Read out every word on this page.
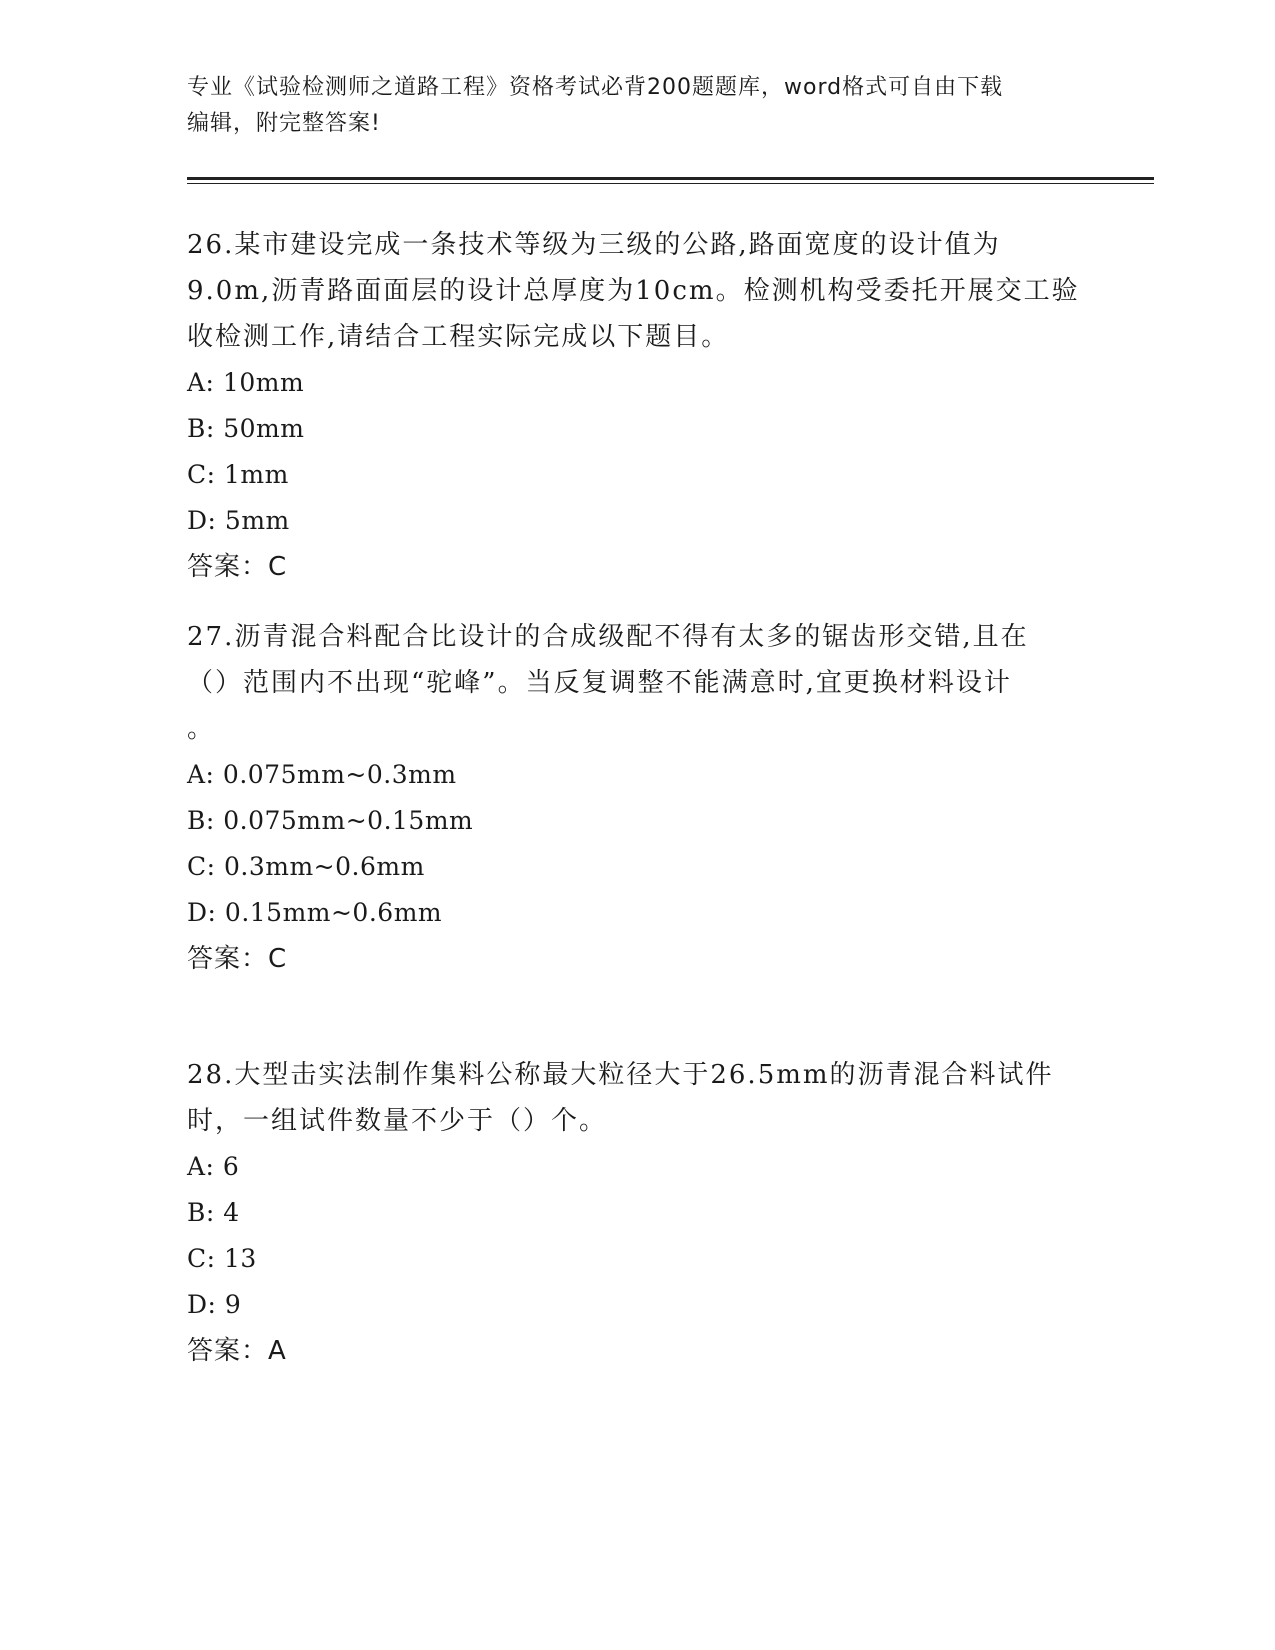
专业《试验检测师之道路工程》资格考试必背200题题库，word格式可自由下载
编辑，附完整答案!

26.某市建设完成一条技术等级为三级的公路,路面宽度的设计值为

9.0m,沥青路面面层的设计总厚度为10cm。检测机构受委托开展交工验

收检测工作,请结合工程实际完成以下题目。

A: 10mm

B: 50mm

C: 1mm

D: 5mm

答案：C

27.沥青混合料配合比设计的合成级配不得有太多的锯齿形交错,且在

（）范围内不出现“驼峰”。当反复调整不能满意时,宜更换材料设计

。

A: 0.075mm~0.3mm

B: 0.075mm~0.15mm

C: 0.3mm~0.6mm

D: 0.15mm~0.6mm

答案：C

28.大型击实法制作集料公称最大粒径大于26.5mm的沥青混合料试件

时，一组试件数量不少于（）个。

A: 6

B: 4

C: 13

D: 9

答案：A
